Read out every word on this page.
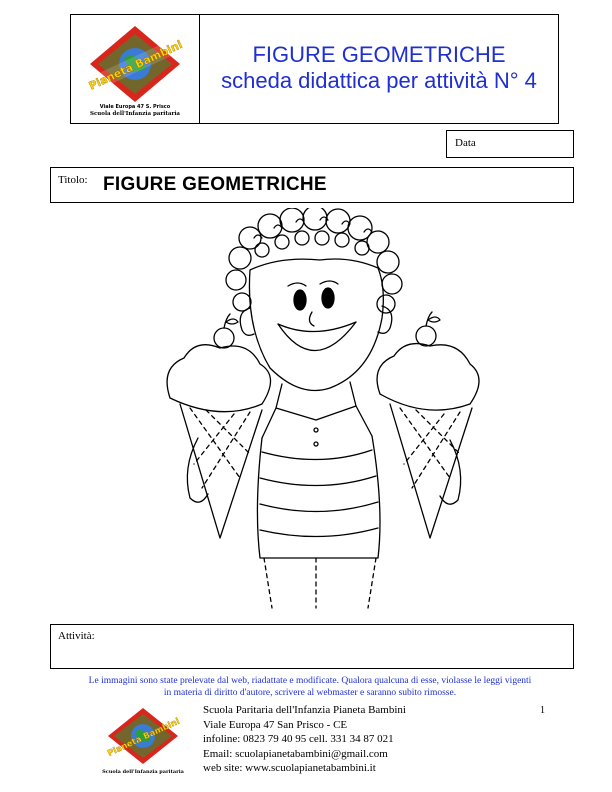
Pianeta Bambini
Viale Europa 47 S. Prisco
Scuola dell'Infanzia paritaria
FIGURE GEOMETRICHE
scheda didattica per attività N° 4
Data
Titolo: FIGURE GEOMETRICHE
Attività:
Le immagini sono state prelevate dal web, riadattate e modificate. Qualora qualcuna di esse, violasse le leggi vigenti
in materia di diritto d'autore, scrivere al webmaster e saranno subito rimosse.
1
Pianeta Bambini
Scuola dell'Infanzia paritaria
Scuola Paritaria dell'Infanzia Pianeta Bambini
Viale Europa 47 San Prisco - CE
infoline: 0823 79 40 95 cell. 331 34 87 021
Email: scuolapianetabambini@gmail.com
web site: www.scuolapianetabambini.it
